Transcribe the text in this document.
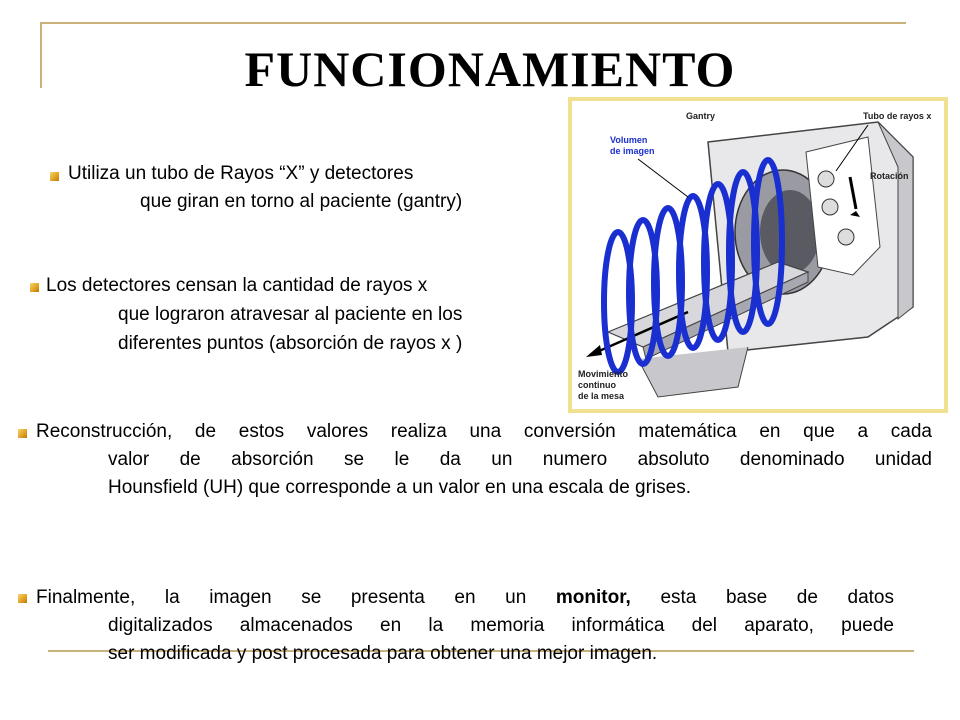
FUNCIONAMIENTO
Utiliza un tubo de Rayos “X” y detectores
que giran en torno al paciente (gantry)
Los detectores censan la cantidad de rayos x
que lograron atravesar al paciente en los
diferentes puntos (absorción de rayos x )
Reconstrucción, de estos valores realiza una conversión matemática en que a cada
valor de absorción se le da un numero absoluto denominado unidad
Hounsfield (UH) que corresponde a un valor en una escala de grises.
Finalmente, la imagen se presenta en un monitor, esta base de datos
digitalizados almacenados en la memoria informática del aparato, puede
ser modificada y post procesada para obtener una mejor imagen.
Gantry	Tubo de rayos x
Volumen
de imagen
Rotación
Movimiento
continuo
de la mesa
